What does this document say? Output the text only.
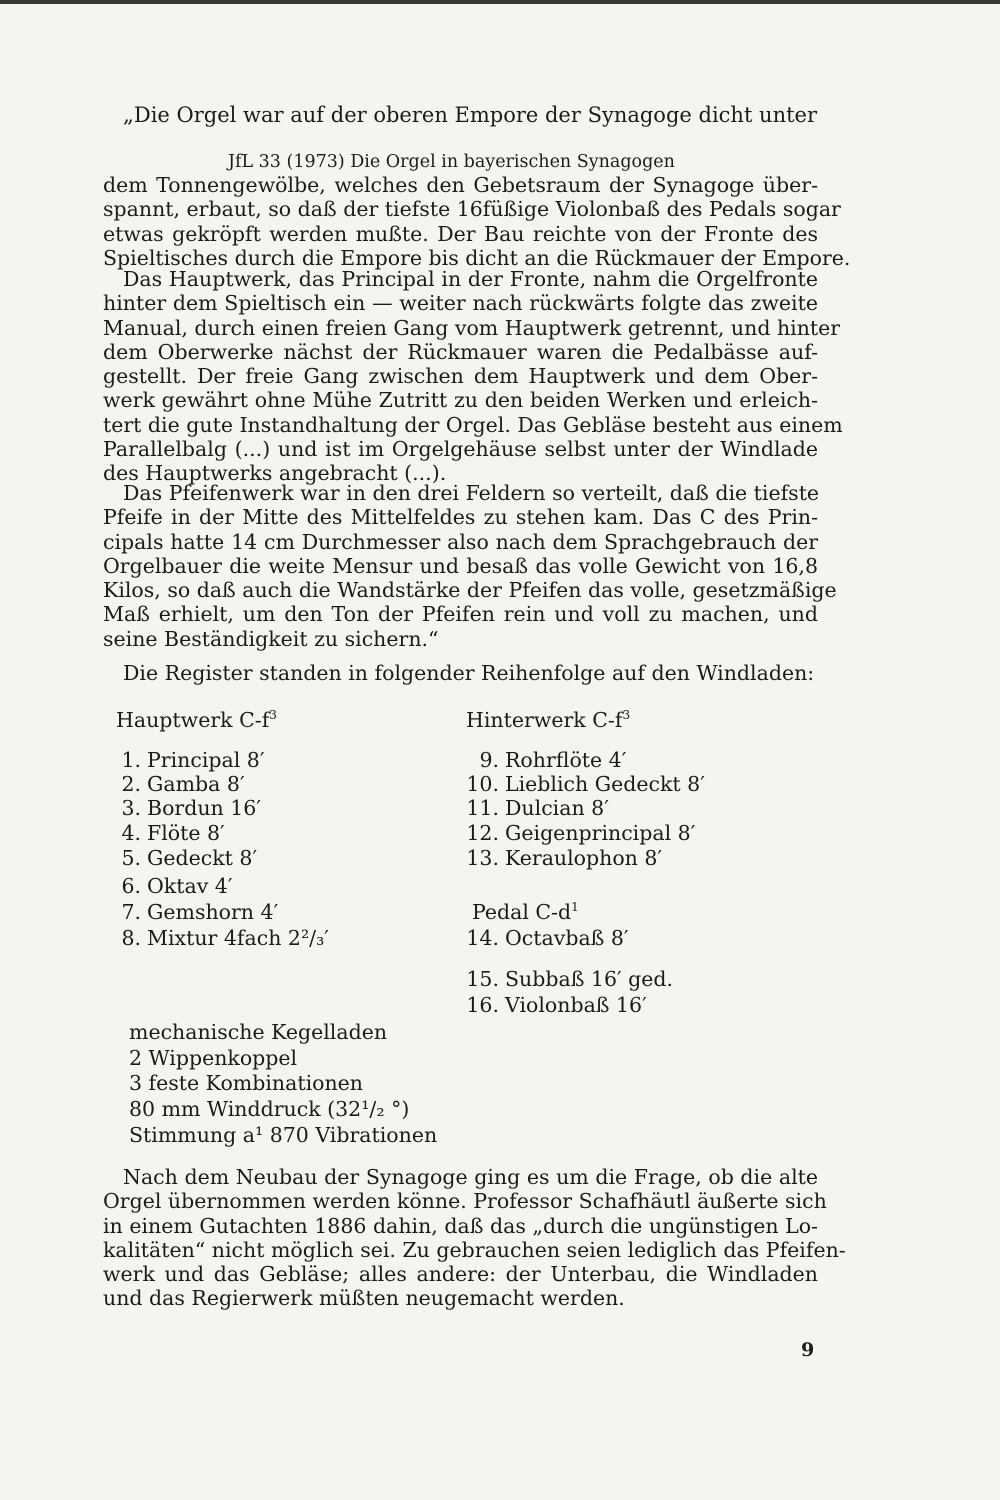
„Die Orgel war auf der oberen Empore der Synagoge dicht unter
JfL 33 (1973) Die Orgel in bayerischen Synagogen
dem Tonnengewölbe, welches den Gebetsraum der Synagoge über-
spannt, erbaut, so daß der tiefste 16füßige Violonbaß des Pedals sogar
etwas gekröpft werden mußte. Der Bau reichte von der Fronte des
Spieltisches durch die Empore bis dicht an die Rückmauer der Empore.
Das Hauptwerk, das Principal in der Fronte, nahm die Orgelfronte
hinter dem Spieltisch ein — weiter nach rückwärts folgte das zweite
Manual, durch einen freien Gang vom Hauptwerk getrennt, und hinter
dem Oberwerke nächst der Rückmauer waren die Pedalbässe auf-
gestellt. Der freie Gang zwischen dem Hauptwerk und dem Ober-
werk gewährt ohne Mühe Zutritt zu den beiden Werken und erleich-
tert die gute Instandhaltung der Orgel. Das Gebläse besteht aus einem
Parallelbalg (...) und ist im Orgelgehäuse selbst unter der Windlade
des Hauptwerks angebracht (...).
Das Pfeifenwerk war in den drei Feldern so verteilt, daß die tiefste
Pfeife in der Mitte des Mittelfeldes zu stehen kam. Das C des Prin-
cipals hatte 14 cm Durchmesser also nach dem Sprachgebrauch der
Orgelbauer die weite Mensur und besaß das volle Gewicht von 16,8
Kilos, so daß auch die Wandstärke der Pfeifen das volle, gesetzmäßige
Maß erhielt, um den Ton der Pfeifen rein und voll zu machen, und
seine Beständigkeit zu sichern.“
Die Register standen in folgender Reihenfolge auf den Windladen:
Hauptwerk $C-f^3$
1. Principal 8′
2. Gamba 8′
3. Bordun 16′
4. Flöte 8′
5. Gedeckt 8′
6. Oktav 4′
7. Gemshorn 4′
8. Mixtur 4fach 2²/₃′
Hinterwerk $C-f^3$
9. Rohrflöte 4′
10. Lieblich Gedeckt 8′
11. Dulcian 8′
12. Geigenprincipal 8′
13. Keraulophon 8′
Pedal $C-d^1$
14. Octavbaß 8′
15. Subbaß 16′ ged.
16. Violonbaß 16′
mechanische Kegelladen
2 Wippenkoppel
3 feste Kombinationen
80 mm Winddruck (32¹/₂ °)
Stimmung a¹ 870 Vibrationen
Nach dem Neubau der Synagoge ging es um die Frage, ob die alte
Orgel übernommen werden könne. Professor Schafhäutl äußerte sich
in einem Gutachten 1886 dahin, daß das „durch die ungünstigen Lo-
kalitäten“ nicht möglich sei. Zu gebrauchen seien lediglich das Pfeifen-
werk und das Gebläse; alles andere: der Unterbau, die Windladen
und das Regierwerk müßten neugemacht werden.
9
